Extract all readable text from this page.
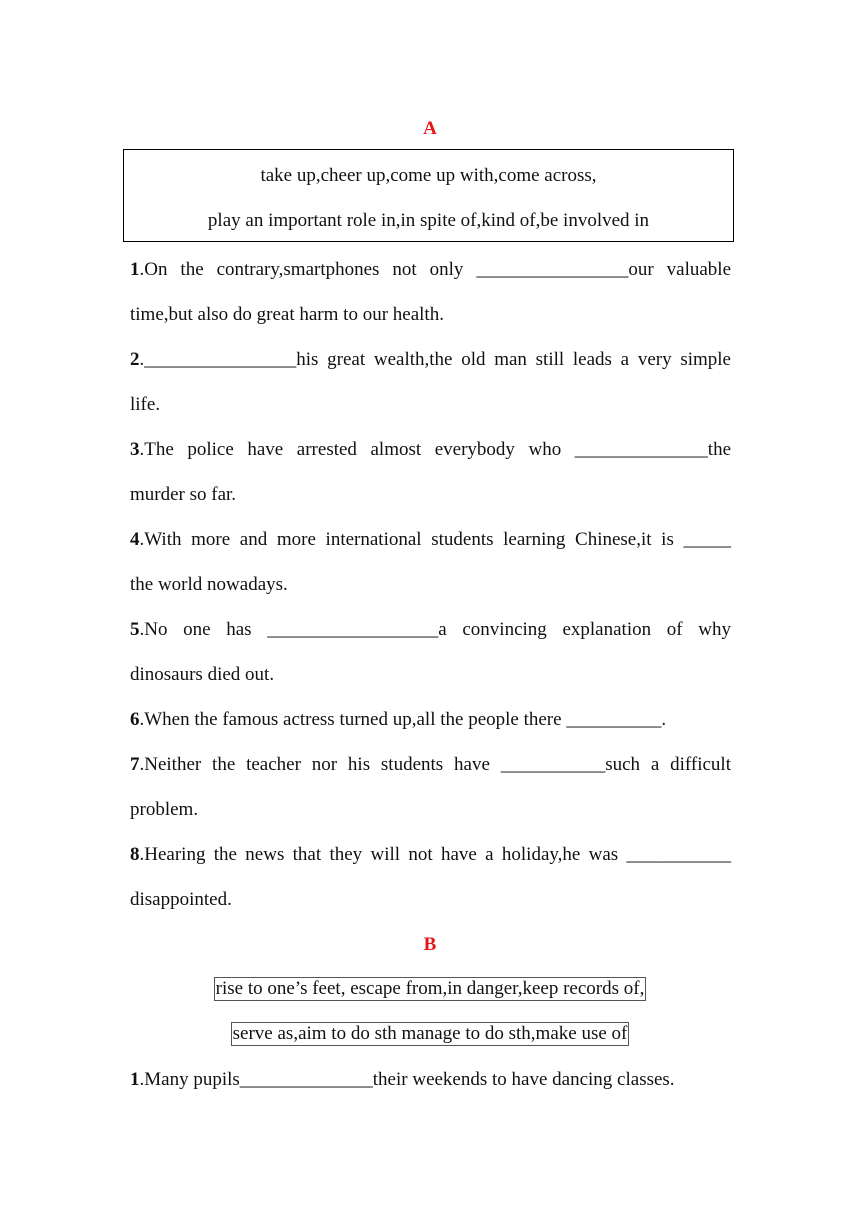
A
take up,cheer up,come up with,come across,
play an important role in,in spite of,kind of,be involved in
1.On the contrary,smartphones not only ________________our valuable
time,but also do great harm to our health.
2.________________his great wealth,the old man still leads a very simple
life.
3.The police have arrested almost everybody who ______________the
murder so far.
4.With more and more international students learning Chinese,it is _____
the world nowadays.
5.No one has __________________a convincing explanation of why
dinosaurs died out.
6.When the famous actress turned up,all the people there __________.
7.Neither the teacher nor his students have ___________such a difficult
problem.
8.Hearing the news that they will not have a holiday,he was ___________
disappointed.
B
rise to one’s feet, escape from,in danger,keep records of,
serve as,aim to do sth manage to do sth,make use of
1.Many pupils______________their weekends to have dancing classes.
